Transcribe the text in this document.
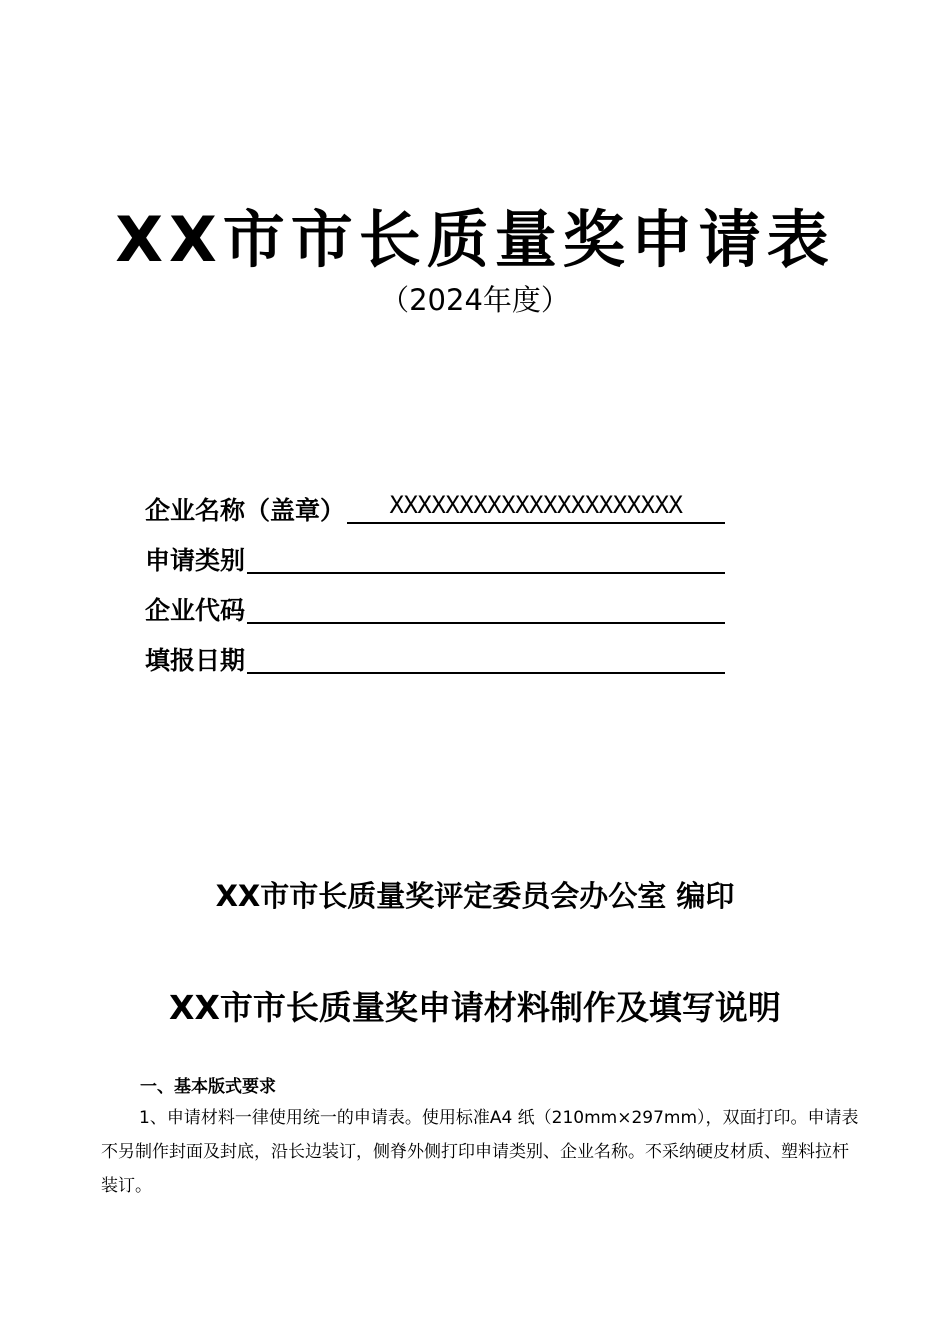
XX市市长质量奖申请表
（2024年度）
企业名称（盖章）	XXXXXXXXXXXXXXXXXXXXX
申请类别
企业代码
填报日期
XX市市长质量奖评定委员会办公室 编印
XX市市长质量奖申请材料制作及填写说明
一、基本版式要求
1、申请材料一律使用统一的申请表。使用标准A4 纸（210mm×297mm），双面打印。申请表不另制作封面及封底，沿长边装订，侧脊外侧打印申请类别、企业名称。不采纳硬皮材质、塑料拉杆装订。
